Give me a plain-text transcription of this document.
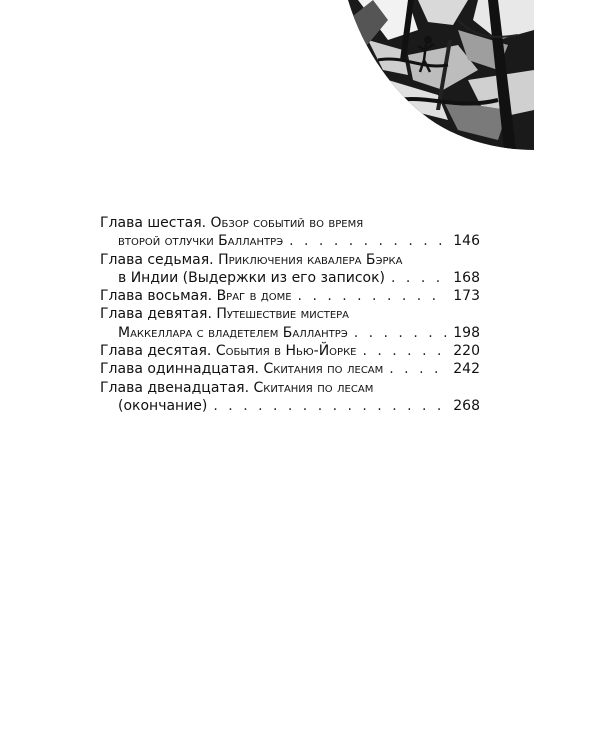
Глава шестая. Обзор событий во время
второй отлучки Баллантрэ . . .	146
Глава седьмая. Приключения кавалера Бэрка
в Индии (Выдержки из его записок) . . .	168
Глава восьмая. Враг в доме . . .	173
Глава девятая. Путешествие мистера
Маккеллара с владетелем Баллантрэ . . .	198
Глава десятая. События в Нью-Йорке . . .	220
Глава одиннадцатая. Скитания по лесам . . .	242
Глава двенадцатая. Скитания по лесам
(окончание) . . .	268
